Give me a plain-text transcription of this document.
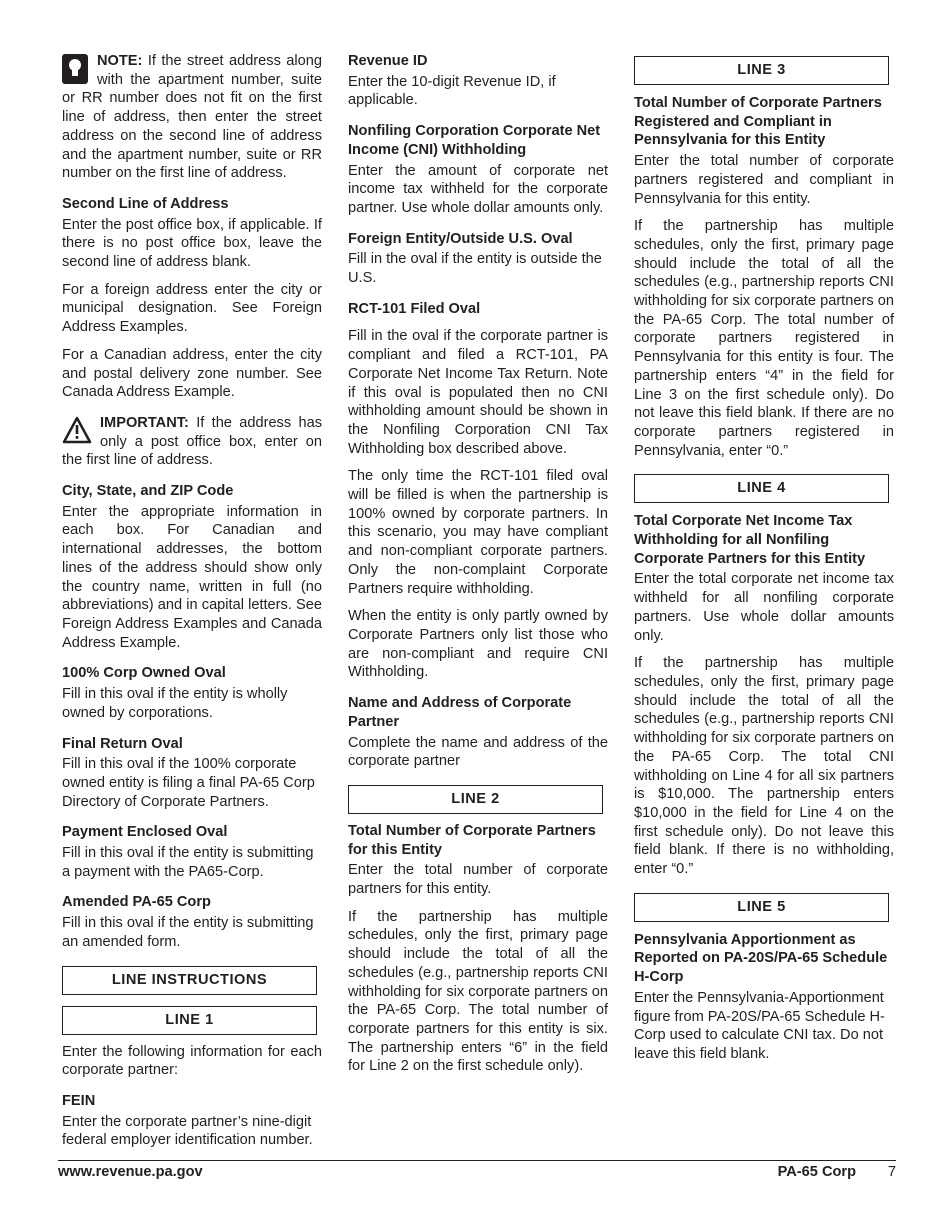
NOTE: If the street address along with the apartment number, suite or RR number does not fit on the first line of address, then enter the street address on the second line of address and the apartment number, suite or RR number on the first line of address.

Second Line of Address

Enter the post office box, if applicable. If there is no post office box, leave the second line of address blank.

For a foreign address enter the city or municipal designation. See Foreign Address Examples.

For a Canadian address, enter the city and postal delivery zone number. See Canada Address Example.

IMPORTANT: If the address has only a post office box, enter on the first line of address.

City, State, and ZIP Code

Enter the appropriate information in each box. For Canadian and international addresses, the bottom lines of the address should show only the country name, written in full (no abbreviations) and in capital letters. See Foreign Address Examples and Canada Address Example.

100% Corp Owned Oval

Fill in this oval if the entity is wholly owned by corporations.

Final Return Oval

Fill in this oval if the 100% corporate owned entity is filing a final PA-65 Corp Directory of Corporate Partners.

Payment Enclosed Oval

Fill in this oval if the entity is submitting a payment with the PA65-Corp.

Amended PA-65 Corp

Fill in this oval if the entity is submitting an amended form.

LINE INSTRUCTIONS
LINE 1

Enter the following information for each corporate partner:

FEIN

Enter the corporate partner’s nine-digit federal employer identification number.

Revenue ID

Enter the 10-digit Revenue ID, if applicable.

Nonfiling Corporation Corporate Net Income (CNI) Withholding

Enter the amount of corporate net income tax withheld for the corporate partner. Use whole dollar amounts only.

Foreign Entity/Outside U.S. Oval

Fill in the oval if the entity is outside the U.S.

RCT-101 Filed Oval

Fill in the oval if the corporate partner is compliant and filed a RCT-101, PA Corporate Net Income Tax Return. Note if this oval is populated then no CNI withholding amount should be shown in the Nonfiling Corporation CNI Tax Withholding box described above.

The only time the RCT-101 filed oval will be filled is when the partnership is 100% owned by corporate partners. In this scenario, you may have compliant and non-compliant corporate partners. Only the non-complaint Corporate Partners require withholding.

When the entity is only partly owned by Corporate Partners only list those who are non-compliant and require CNI Withholding.

Name and Address of Corporate Partner

Complete the name and address of the corporate partner

LINE 2
Total Number of Corporate Partners for this Entity

Enter the total number of corporate partners for this entity.

If the partnership has multiple schedules, only the first, primary page should include the total of all the schedules (e.g., partnership reports CNI withholding for six corporate partners on the PA-65 Corp. The total number of corporate partners for this entity is six. The partnership enters “6” in the field for Line 2 on the first schedule only).

LINE 3
Total Number of Corporate Partners Registered and Compliant in Pennsylvania for this Entity

Enter the total number of corporate partners registered and compliant in Pennsylvania for this entity.

If the partnership has multiple schedules, only the first, primary page should include the total of all the schedules (e.g., partnership reports CNI withholding for six corporate partners on the PA-65 Corp. The total number of corporate partners registered in Pennsylvania for this entity is four. The partnership enters “4” in the field for Line 3 on the first schedule only). Do not leave this field blank. If there are no corporate partners registered in Pennsylvania, enter “0.”

LINE 4
Total Corporate Net Income Tax Withholding for all Nonfiling Corporate Partners for this Entity

Enter the total corporate net income tax withheld for all nonfiling corporate partners. Use whole dollar amounts only.

If the partnership has multiple schedules, only the first, primary page should include the total of all the schedules (e.g., partnership reports CNI withholding for six corporate partners on the PA-65 Corp. The total CNI withholding on Line 4 for all six partners is $10,000. The partnership enters $10,000 in the field for Line 4 on the first schedule only). Do not leave this field blank. If there is no withholding, enter “0.”

LINE 5
Pennsylvania Apportionment as Reported on PA-20S/PA-65 Schedule H-Corp

Enter the Pennsylvania-Apportionment figure from PA-20S/PA-65 Schedule H-Corp used to calculate CNI tax. Do not leave this field blank.

www.revenue.pa.gov	PA-65 Corp 7
